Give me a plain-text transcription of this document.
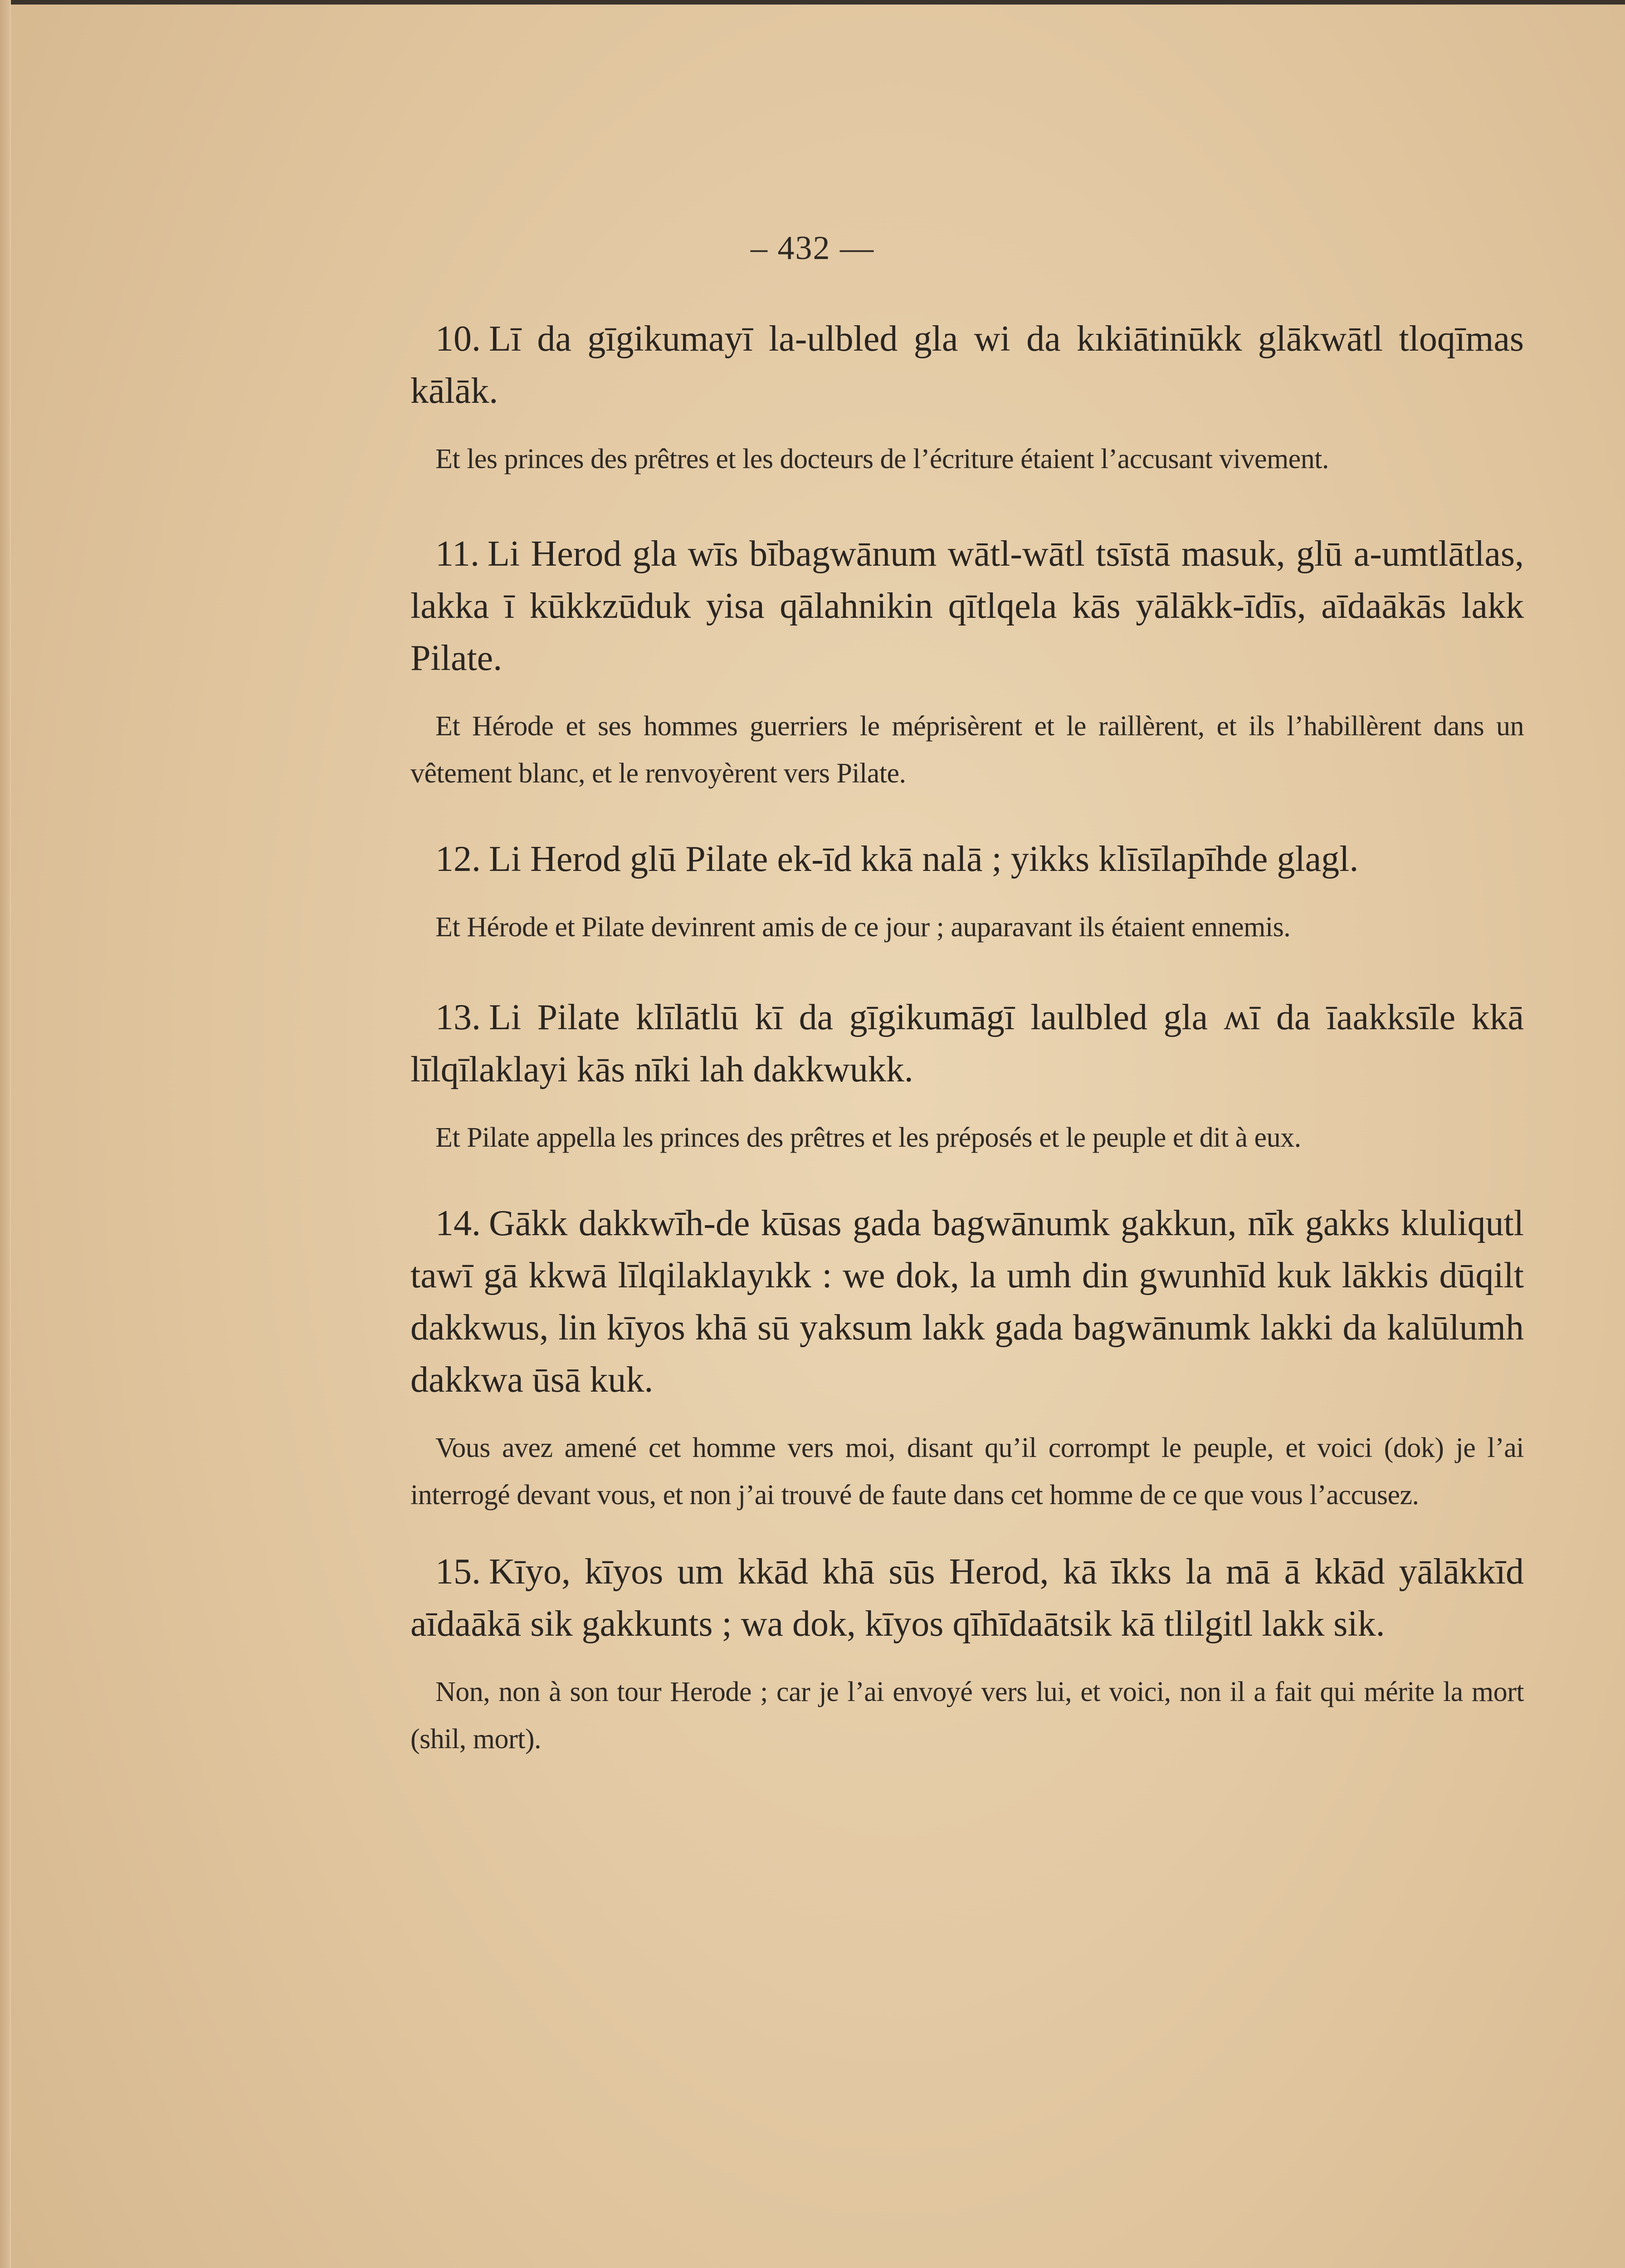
– 432 —

10. Lī da gīgikumayī la-ulbled gla wi da kıkiātinūkk glākwātl tloqīmas kālāk.

Et les princes des prêtres et les docteurs de l’écriture étaient l’accusant vivement.

11. Li Herod gla wīs bībagwānum wātl-wātl tsīstā masuk, glū a-umtlātlas, lakka ī kūkkzūduk yisa qālahnikin qītlqela kās yālākk-īdīs, aīdaākās lakk Pilate.

Et Hérode et ses hommes guerriers le méprisèrent et le raillèrent, et ils l’habillèrent dans un vêtement blanc, et le renvoyèrent vers Pilate.

12. Li Herod glū Pilate ek-īd kkā nalā ; yikks klīsīlapīhde glagl.

Et Hérode et Pilate devinrent amis de ce jour ; auparavant ils étaient ennemis.

13. Li Pilate klīlātlū kī da gīgikumāgī laulbled gla ʍī da īaakksīle kkā līlqīlaklayi kās nīki lah dakkwukk.

Et Pilate appella les princes des prêtres et les préposés et le peuple et dit à eux.

14. Gākk dakkwīh-de kūsas gada bagwānumk gakkun, nīk gakks kluliqutl tawī gā kkwā līlqilaklayıkk : we dok, la umh din gwunhīd kuk lākkis dūqilt dakkwus, lin kīyos khā sū yaksum lakk gada bagwānumk lakki da kalūlumh dakkwa ūsā kuk.

Vous avez amené cet homme vers moi, disant qu’il corrompt le peuple, et voici (dok) je l’ai interrogé devant vous, et non j’ai trouvé de faute dans cet homme de ce que vous l’accusez.

15. Kīyo, kīyos um kkād khā sūs Herod, kā īkks la mā ā kkād yālākkīd aīdaākā sik gakkunts ; wa dok, kīyos qīhīdaātsik kā tlilgitl lakk sik.

Non, non à son tour Herode ; car je l’ai envoyé vers lui, et voici, non il a fait qui mérite la mort (shil, mort).
